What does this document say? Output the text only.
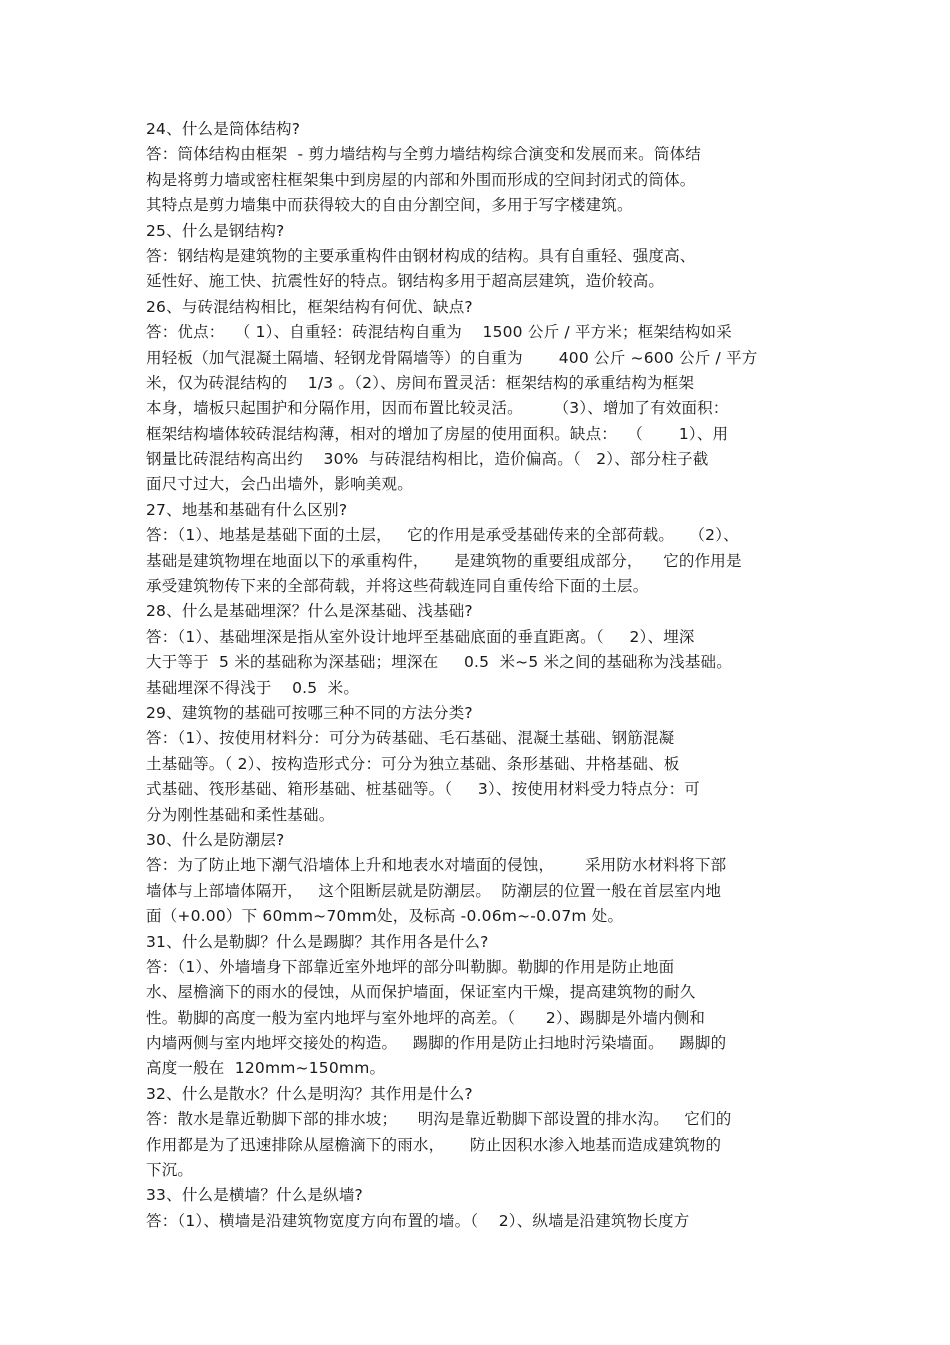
24、什么是筒体结构?
答：筒体结构由框架  - 剪力墙结构与全剪力墙结构综合演变和发展而来。筒体结
构是将剪力墙或密柱框架集中到房屋的内部和外围而形成的空间封闭式的筒体。
其特点是剪力墙集中而获得较大的自由分割空间，多用于写字楼建筑。
25、什么是钢结构?
答：钢结构是建筑物的主要承重构件由钢材构成的结构。具有自重轻、强度高、
延性好、施工快、抗震性好的特点。钢结构多用于超高层建筑，造价较高。
26、与砖混结构相比，框架结构有何优、缺点?
答：优点：  （ 1）、自重轻：砖混结构自重为    1500 公斤 / 平方米；框架结构如采
用轻板（加气混凝土隔墙、轻钢龙骨隔墙等）的自重为       400 公斤 ~600 公斤 / 平方
米，仅为砖混结构的    1/3 。（2）、房间布置灵活：框架结构的承重结构为框架
本身，墙板只起围护和分隔作用，因而布置比较灵活。      （3）、增加了有效面积：
框架结构墙体较砖混结构薄，相对的增加了房屋的使用面积。缺点：  （       1）、用
钢量比砖混结构高出约    30%  与砖混结构相比，造价偏高。（   2）、部分柱子截
面尺寸过大，会凸出墙外，影响美观。
27、地基和基础有什么区别?
答：（1）、地基是基础下面的土层，   它的作用是承受基础传来的全部荷载。   （2）、
基础是建筑物埋在地面以下的承重构件，     是建筑物的重要组成部分，    它的作用是
承受建筑物传下来的全部荷载，并将这些荷载连同自重传给下面的土层。
28、什么是基础埋深？什么是深基础、浅基础?
答：（1）、基础埋深是指从室外设计地坪至基础底面的垂直距离。（     2）、埋深
大于等于  5 米的基础称为深基础；埋深在     0.5  米~5 米之间的基础称为浅基础。
基础埋深不得浅于    0.5  米。
29、建筑物的基础可按哪三种不同的方法分类?
答：（1）、按使用材料分：可分为砖基础、毛石基础、混凝土基础、钢筋混凝
土基础等。（ 2）、按构造形式分：可分为独立基础、条形基础、井格基础、板
式基础、筏形基础、箱形基础、桩基础等。（     3）、按使用材料受力特点分：可
分为刚性基础和柔性基础。
30、什么是防潮层?
答：为了防止地下潮气沿墙体上升和地表水对墙面的侵蚀，      采用防水材料将下部
墙体与上部墙体隔开，   这个阻断层就是防潮层。  防潮层的位置一般在首层室内地
面（+0.00）下 60mm~70mm处，及标高 -0.06m~-0.07m 处。
31、什么是勒脚？什么是踢脚？其作用各是什么?
答：（1）、外墙墙身下部靠近室外地坪的部分叫勒脚。勒脚的作用是防止地面
水、屋檐滴下的雨水的侵蚀，从而保护墙面，保证室内干燥，提高建筑物的耐久
性。勒脚的高度一般为室内地坪与室外地坪的高差。（      2）、踢脚是外墙内侧和
内墙两侧与室内地坪交接处的构造。   踢脚的作用是防止扫地时污染墙面。   踢脚的
高度一般在  120mm~150mm。
32、什么是散水？什么是明沟？其作用是什么?
答：散水是靠近勒脚下部的排水坡；    明沟是靠近勒脚下部设置的排水沟。   它们的
作用都是为了迅速排除从屋檐滴下的雨水，     防止因积水渗入地基而造成建筑物的
下沉。
33、什么是横墙？什么是纵墙?
答：（1）、横墙是沿建筑物宽度方向布置的墙。（    2）、纵墙是沿建筑物长度方
